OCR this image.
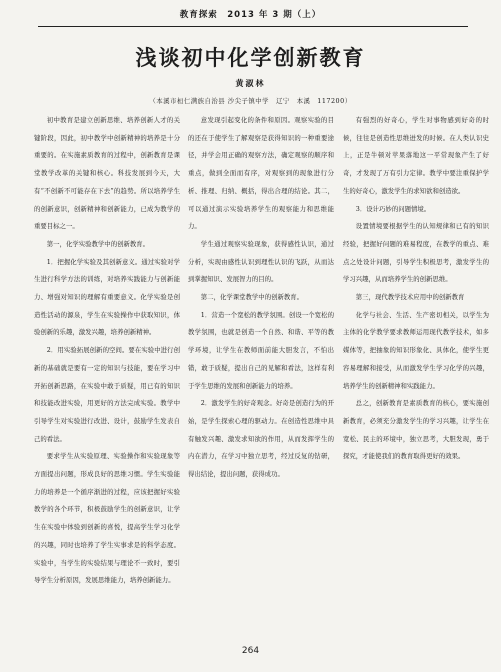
教育探索　2013 年 3 期（上）
浅谈初中化学创新教育
黄淑林
（本溪市桓仁满族自治县 沙尖子镇中学　辽宁　本溪　117200）

初中教育是建立创新思维、培养创新人才的关键阶段，因此，初中教学中创新精神的培养是十分重要的。在实施素质教育的过程中，创新教育是课堂教学改革的关键和核心。科技发展到今天，大有“不创新不可能存在下去”的趋势。所以培养学生的创新意识，创新精神和创新能力，已成为教学的重要目标之一。

第一，化学实验教学中的创新教育。

1．把握化学实验及其创新意义。通过实验对学生进行科学方法的训练，对培养实践能力与创新能力、增强对知识的理解有重要意义。化学实验是创造性活动的源泉，学生在实验操作中获取知识，体验创新的乐趣，激发兴趣，培养创新精神。

2．用实验拓展创新的空间。要在实验中进行创新的基础就是要有一定的知识与技能，要在学习中开拓创新思路，在实验中敢于质疑，用已有的知识和技能改进实验，用更好的方法完成实验。教学中引导学生对实验进行改进、设计，鼓励学生发表自己的看法。

要求学生从实验原理、实验操作和实验现象等方面提出问题，形成良好的思维习惯。学生实验能力的培养是一个循序渐进的过程，应该把握好实验教学的各个环节，积极鼓励学生的创新意识，让学生在实验中体验到创新的喜悦，提高学生学习化学的兴趣，同时也培养了学生实事求是的科学态度。实验中，当学生的实验结果与理论不一致时，要引导学生分析原因，发展思维能力，培养创新能力。

意发现引起变化的条件和原因。观察实验的目的还在于使学生了解观察是获得知识的一种重要途径，并学会用正确的观察方法，确定观察的顺序和重点，做到全面而有序，对观察到的现象进行分析、推理、归纳、概括，得出合理的结论。其二，可以通过演示实验培养学生的观察能力和思维能力。

学生通过观察实验现象，获得感性认识，通过分析，实现由感性认识到理性认识的飞跃，从而达到掌握知识、发展智力的目的。

第二，化学课堂教学中的创新教育。

1．营造一个宽松的教学氛围。创设一个宽松的教学氛围，也就是创造一个自然、和谐、平等的教学环境，让学生在教师面前能大胆发言，不怕出错，敢于质疑，提出自己的见解和看法，这样有利于学生思维的发展和创新能力的培养。

2．激发学生的好奇观念。好奇是创造行为的开始，是学生探索心理的驱动力。在创造性思维中具有触发兴趣、激发求知欲的作用，从而发挥学生的内在潜力，在学习中独立思考，经过反复的钻研，得出结论，提出问题，获得成功。

有强烈的好奇心，学生对事物感到好奇的时候，往往是创造性思维迸发的时候。在人类认识史上，正是牛顿对苹果落地这一平常现象产生了好奇，才发现了万有引力定律。教学中要注重保护学生的好奇心，激发学生的求知欲和创造欲。

3．设计巧妙的问题情境。

设置情境要根据学生的认知规律和已有的知识经验，把握好问题的难易程度，在教学的重点、难点之处设计问题，引导学生积极思考，激发学生的学习兴趣，从而培养学生的创新思维。

第三，现代教学技术应用中的创新教育

化学与社会、生活、生产密切相关，以学生为主体的化学教学要求教师运用现代教学技术，如多媒体等，把抽象的知识形象化、具体化，使学生更容易理解和接受，从而激发学生学习化学的兴趣，培养学生的创新精神和实践能力。

总之，创新教育是素质教育的核心，要实施创新教育，必须充分激发学生的学习兴趣，让学生在宽松、民主的环境中，独立思考，大胆发现，勇于探究，才能使我们的教育取得更好的效果。

264
